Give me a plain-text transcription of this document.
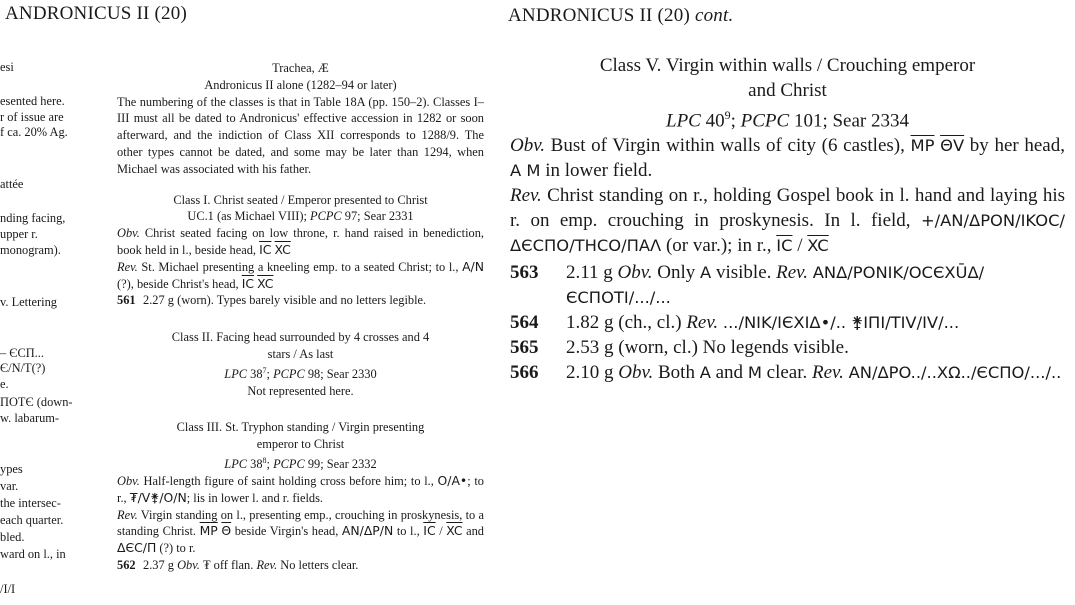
ANDRONICUS II (20)
esi
esented here.
r of issue are
f ca. 20% Ag.
attée
nding facing,
upper r.
monogram).
v. Lettering
– ЄCП...
Є/N/T(?)
e.
ПOTЄ (down-
w. labarum-
ypes
var.
the intersec-
each quarter.
bled.
ward on l., in
/I/I
Trachea, Æ
Andronicus II alone (1282–94 or later)

The numbering of the classes is that in Table 18A (pp. 150–2). Classes I–III must all be dated to Andronicus' effective accession in 1282 or soon afterward, and the indiction of Class XII corresponds to 1288/9. The other types cannot be dated, and some may be later than 1294, when Michael was associated with his father.

Class I. Christ seated / Emperor presented to Christ
UC.1 (as Michael VIII); PCPC 97; Sear 2331

Obv. Christ seated facing on low throne, r. hand raised in benediction, book held in l., beside head, $\overline{IC}$ $\overline{XC}$

Rev. St. Michael presenting a kneeling emp. to a seated Christ; to l., A/N (?), beside Christ's head, $\overline{IC}$ $\overline{XC}$

561 2.27 g (worn). Types barely visible and no letters legible.
Class II. Facing head surrounded by 4 crosses and 4
stars / As last
LPC $38^7$; PCPC 98; Sear 2330
Not represented here.
Class III. St. Tryphon standing / Virgin presenting
emperor to Christ
LPC $38^8$; PCPC 99; Sear 2332

Obv. Half-length figure of saint holding cross before him; to l., O/A•; to r., ₮/V⚵/O/N; lis in lower l. and r. fields.

Rev. Virgin standing on l., presenting emp., crouching in proskynesis, to a standing Christ. $\overline{MP}$ $\overline{\Theta}$ beside Virgin's head, AN/ΔP/N to l., $\overline{IC} / \overline{XC}$ and ΔЄC/Π (?) to r.

562 2.37 g Obv. ₮ off flan. Rev. No letters clear.
ANDRONICUS II (20) cont.
Class V. Virgin within walls / Crouching emperor
and Christ
LPC $40^9$; PCPC 101; Sear 2334

Obv. Bust of Virgin within walls of city (6 castles), $\overline{MP}$ $\overline{\Theta V}$ by her head, A M in lower field.

Rev. Christ standing on r., holding Gospel book in l. hand and laying his r. on emp. crouching in proskynesis. In l. field, +/AN/ΔPON/IKOC/ΔЄCΠO/THCO/ΠAΛ (or var.); in r., $\overline{IC} / \overline{XC}$

563	2.11 g Obv. Only A visible. Rev. ANΔ/PONIK/OCЄXŪΔ/ЄCΠOTI/.../...
564	1.82 g (ch., cl.) Rev. .../NIK/IЄXIΔ•/.. ⚵IΠI/TIV/IV/...
565	2.53 g (worn, cl.) No legends visible.
566	2.10 g Obv. Both A and M clear. Rev. AN/ΔPO../..XΩ../ЄCΠO/.../..
